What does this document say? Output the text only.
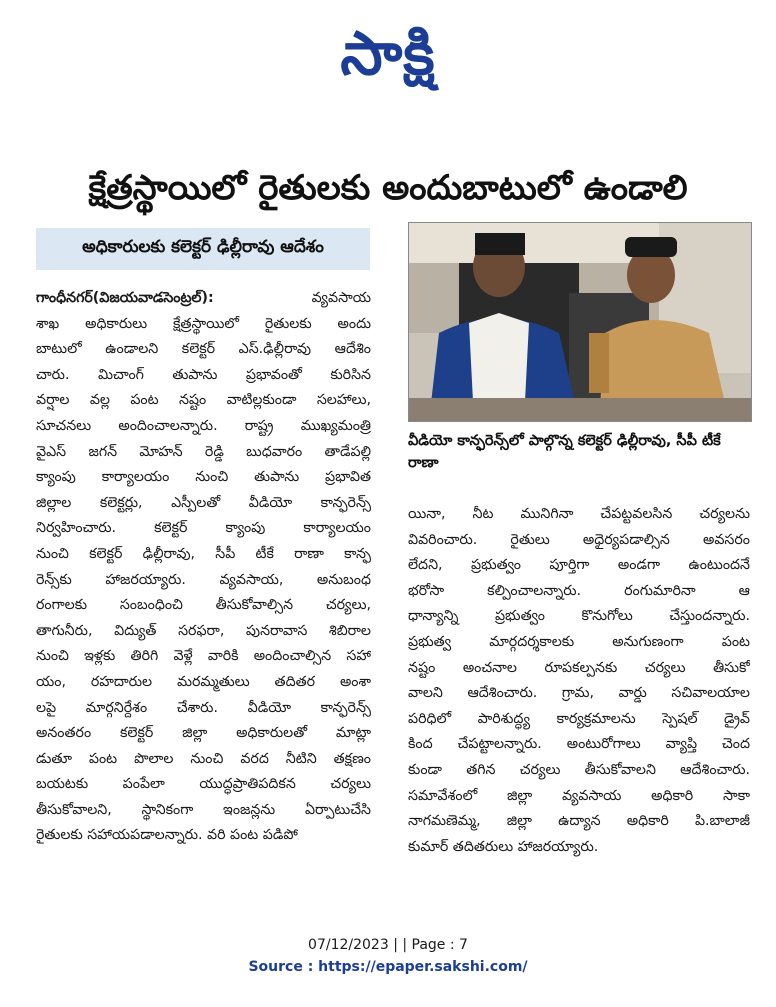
సాక్షి
క్షేత్రస్థాయిలో రైతులకు అందుబాటులో ఉండాలి
అధికారులకు కలెక్టర్ ఢిల్లీరావు ఆదేశం
వీడియో కాన్ఫరెన్స్‌లో పాల్గొన్న కలెక్టర్ ఢిల్లీరావు, సీపీ టీకే రాణా

గాంధీనగర్(విజయవాడసెంట్రల్): వ్యవసాయ

శాఖ అధికారులు క్షేత్రస్థాయిలో రైతులకు అందు

బాటులో ఉండాలని కలెక్టర్ ఎస్.ఢిల్లీరావు ఆదేశిం

చారు. మిచాంగ్ తుపాను ప్రభావంతో కురిసిన

వర్షాల వల్ల పంట నష్టం వాటిల్లకుండా సలహాలు,

సూచనలు అందించాలన్నారు. రాష్ట్ర ముఖ్యమంత్రి

వైఎస్ జగన్ మోహన్ రెడ్డి బుధవారం తాడేపల్లి

క్యాంపు కార్యాలయం నుంచి తుపాను ప్రభావిత

జిల్లాల కలెక్టర్లు, ఎస్పీలతో వీడియో కాన్ఫరెన్స్

నిర్వహించారు. కలెక్టర్ క్యాంపు కార్యాలయం

నుంచి కలెక్టర్ ఢిల్లీరావు, సీపీ టీకే రాణా కాన్ఫ

రెన్స్‌కు హాజరయ్యారు. వ్యవసాయ, అనుబంధ

రంగాలకు సంబంధించి తీసుకోవాల్సిన చర్యలు,

తాగునీరు, విద్యుత్ సరఫరా, పునరావాస శిబిరాల

నుంచి ఇళ్లకు తిరిగి వెళ్లే వారికి అందించాల్సిన సహా

యం, రహదారుల మరమ్మతులు తదితర అంశా

లపై మార్గనిర్దేశం చేశారు. వీడియో కాన్ఫరెన్స్

అనంతరం కలెక్టర్ జిల్లా అధికారులతో మాట్లా

డుతూ పంట పొలాల నుంచి వరద నీటిని తక్షణం

బయటకు పంపేలా యుద్ధప్రాతిపదికన చర్యలు

తీసుకోవాలని, స్థానికంగా ఇంజన్లను ఏర్పాటుచేసి

రైతులకు సహాయపడాలన్నారు. వరి పంట పడిపో

యినా, నీట మునిగినా చేపట్టవలసిన చర్యలను

వివరించారు. రైతులు అధైర్యపడాల్సిన అవసరం

లేదని, ప్రభుత్వం పూర్తిగా అండగా ఉంటుందనే

భరోసా కల్పించాలన్నారు. రంగుమారినా ఆ

ధాన్యాన్ని ప్రభుత్వం కొనుగోలు చేస్తుందన్నారు.

ప్రభుత్వ మార్గదర్శకాలకు అనుగుణంగా పంట

నష్టం అంచనాల రూపకల్పనకు చర్యలు తీసుకో

వాలని ఆదేశించారు. గ్రామ, వార్డు సచివాలయాల

పరిధిలో పారిశుద్ధ్య కార్యక్రమాలను స్పెషల్ డ్రైవ్

కింద చేపట్టాలన్నారు. అంటురోగాలు వ్యాప్తి చెంద

కుండా తగిన చర్యలు తీసుకోవాలని ఆదేశించారు.

సమావేశంలో జిల్లా వ్యవసాయ అధికారి సాకా

నాగమణెమ్మ, జిల్లా ఉద్యాన అధికారి పి.బాలాజీ

కుమార్ తదితరులు హాజరయ్యారు.

07/12/2023 | | Page : 7
Source : https://epaper.sakshi.com/
